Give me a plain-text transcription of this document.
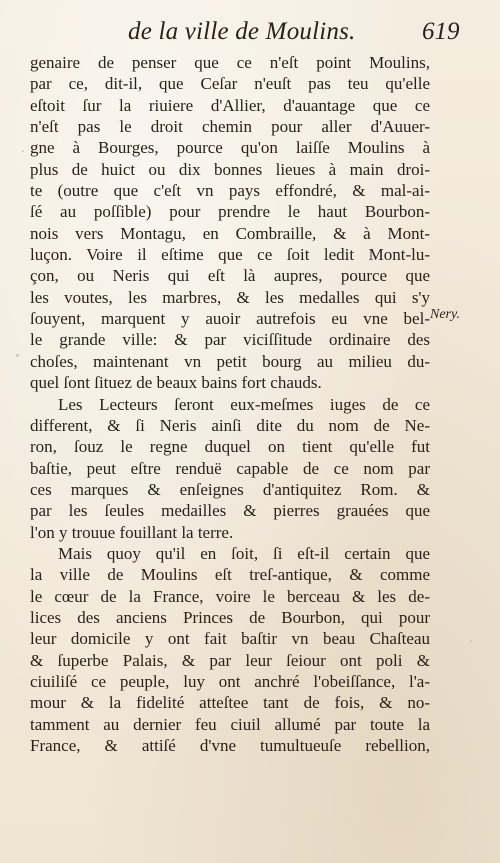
de la ville de Moulins.	619
genaire de penser que ce n'eſt point Moulins,
par ce, dit-il, que Ceſar n'euſt pas teu qu'elle
eſtoit ſur la riuiere d'Allier, d'auantage que ce
n'eſt pas le droit chemin pour aller d'Auuer-
gne à Bourges, pource qu'on laiſſe Moulins à
plus de huict ou dix bonnes lieues à main droi-
te (outre que c'eſt vn pays effondré, & mal-ai-
ſé au poſſible) pour prendre le haut Bourbon-
nois vers Montagu, en Combraille, & à Mont-
luçon. Voire il eſtime que ce ſoit ledit Mont-lu-
çon, ou Neris qui eſt là aupres, pource que
les voutes, les marbres, & les medalles qui s'y
ſouyent, marquent y auoir autrefois eu vne bel-
le grande ville: & par viciſſitude ordinaire des
choſes, maintenant vn petit bourg au milieu du-
quel ſont ſituez de beaux bains fort chauds.
Les Lecteurs ſeront eux-meſmes iuges de ce
different, & ſi Neris ainſi dite du nom de Ne-
ron, ſouz le regne duquel on tient qu'elle fut
baſtie, peut eſtre renduë capable de ce nom par
ces marques & enſeignes d'antiquitez Rom. &
par les ſeules medailles & pierres grauées que
l'on y trouue fouillant la terre.
Mais quoy qu'il en ſoit, ſi eſt-il certain que
la ville de Moulins eſt treſ-antique, & comme
le cœur de la France, voire le berceau & les de-
lices des anciens Princes de Bourbon, qui pour
leur domicile y ont fait baſtir vn beau Chaſteau
& ſuperbe Palais, & par leur ſeiour ont poli &
ciuiliſé ce peuple, luy ont anchré l'obeiſſance, l'a-
mour & la fidelité atteſtee tant de fois, & no-
tamment au dernier feu ciuil allumé par toute la
France, & attiſé d'vne tumultueuſe rebellion,
Nery.
